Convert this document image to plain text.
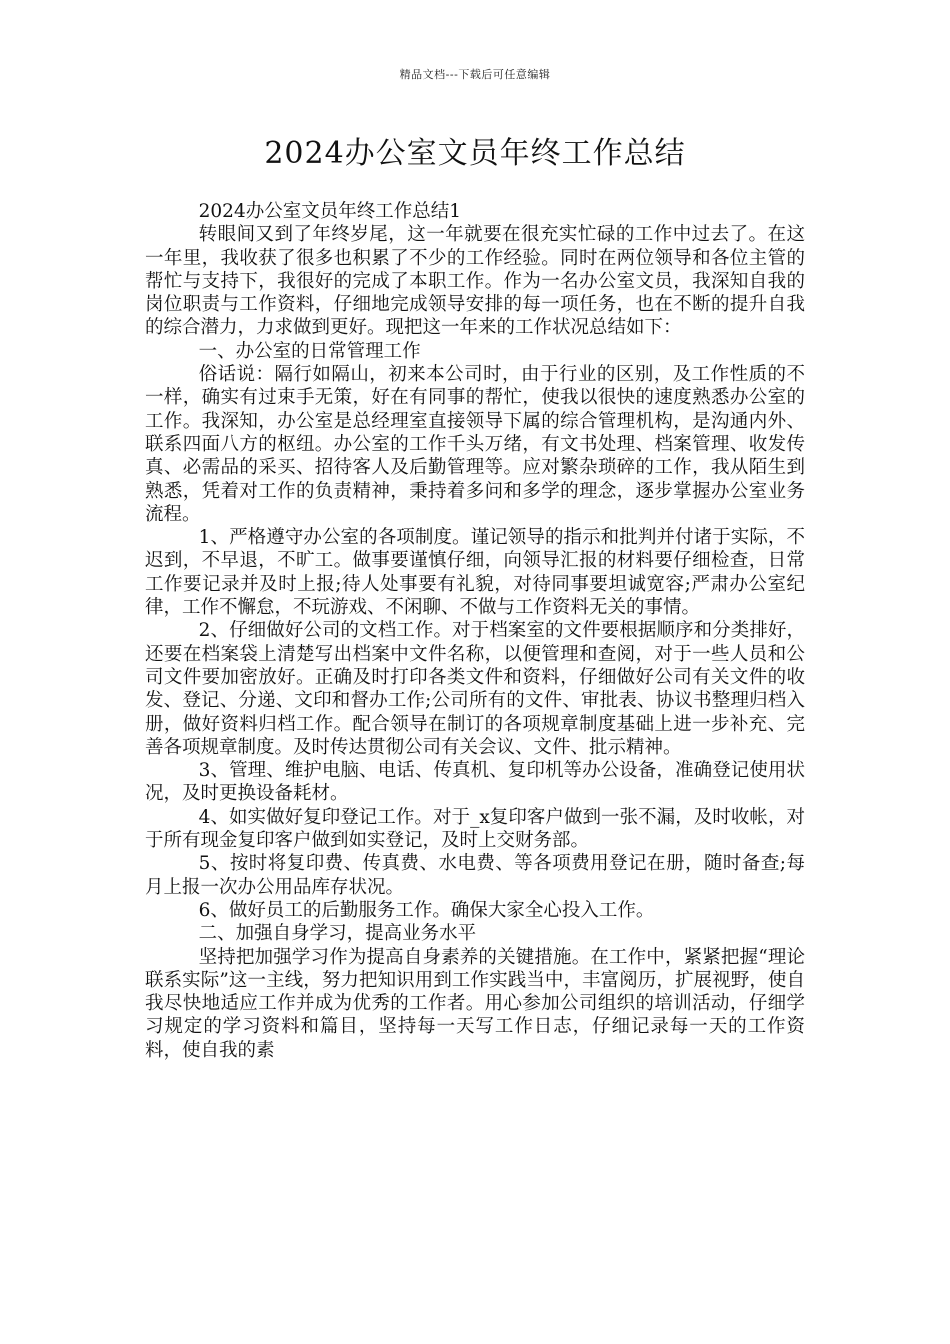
精品文档---下载后可任意编辑
2024办公室文员年终工作总结

2024办公室文员年终工作总结1

转眼间又到了年终岁尾，这一年就要在很充实忙碌的工作中过去了。在这一年里，我收获了很多也积累了不少的工作经验。同时在两位领导和各位主管的帮忙与支持下，我很好的完成了本职工作。作为一名办公室文员，我深知自我的岗位职责与工作资料，仔细地完成领导安排的每一项任务，也在不断的提升自我的综合潜力，力求做到更好。现把这一年来的工作状况总结如下：

一、办公室的日常管理工作

俗话说：隔行如隔山，初来本公司时，由于行业的区别，及工作性质的不一样，确实有过束手无策，好在有同事的帮忙，使我以很快的速度熟悉办公室的工作。我深知，办公室是总经理室直接领导下属的综合管理机构，是沟通内外、联系四面八方的枢纽。办公室的工作千头万绪，有文书处理、档案管理、收发传真、必需品的采买、招待客人及后勤管理等。应对繁杂琐碎的工作，我从陌生到熟悉，凭着对工作的负责精神，秉持着多问和多学的理念，逐步掌握办公室业务流程。

1、严格遵守办公室的各项制度。谨记领导的指示和批判并付诸于实际，不迟到，不早退，不旷工。做事要谨慎仔细，向领导汇报的材料要仔细检查，日常工作要记录并及时上报;待人处事要有礼貌，对待同事要坦诚宽容;严肃办公室纪律，工作不懈怠，不玩游戏、不闲聊、不做与工作资料无关的事情。

2、仔细做好公司的文档工作。对于档案室的文件要根据顺序和分类排好，还要在档案袋上清楚写出档案中文件名称，以便管理和查阅，对于一些人员和公司文件要加密放好。正确及时打印各类文件和资料，仔细做好公司有关文件的收发、登记、分递、文印和督办工作;公司所有的文件、审批表、协议书整理归档入册，做好资料归档工作。配合领导在制订的各项规章制度基础上进一步补充、完善各项规章制度。及时传达贯彻公司有关会议、文件、批示精神。

3、管理、维护电脑、电话、传真机、复印机等办公设备，准确登记使用状况，及时更换设备耗材。

4、如实做好复印登记工作。对于_x复印客户做到一张不漏，及时收帐，对于所有现金复印客户做到如实登记，及时上交财务部。

5、按时将复印费、传真费、水电费、等各项费用登记在册，随时备查;每月上报一次办公用品库存状况。

6、做好员工的后勤服务工作。确保大家全心投入工作。

二、加强自身学习，提高业务水平

坚持把加强学习作为提高自身素养的关键措施。在工作中，紧紧把握“理论联系实际”这一主线，努力把知识用到工作实践当中，丰富阅历，扩展视野，使自我尽快地适应工作并成为优秀的工作者。用心参加公司组织的培训活动，仔细学习规定的学习资料和篇目，坚持每一天写工作日志，仔细记录每一天的工作资料，使自我的素
